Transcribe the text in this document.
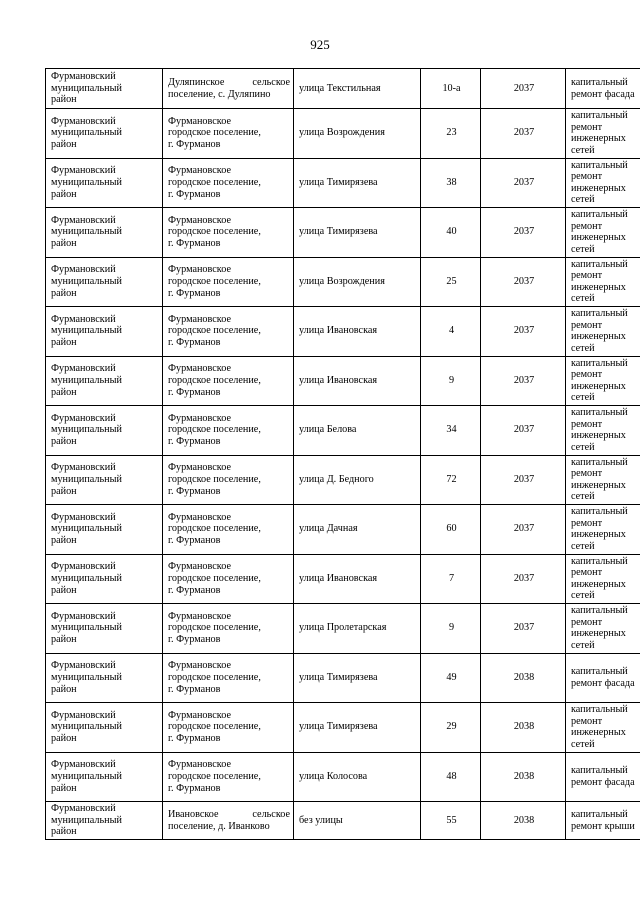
925
Фурмановский
муниципальный
район	Дуляпинское сельское
поселение, с. Дуляпино	улица Текстильная	10-а	2037	капитальный
ремонт фасада

Фурмановский
муниципальный
район	Фурмановское
городское поселение,
г. Фурманов	улица Возрождения	23	2037	капитальный
ремонт
инженерных
сетей

Фурмановский
муниципальный
район	Фурмановское
городское поселение,
г. Фурманов	улица Тимирязева	38	2037	капитальный
ремонт
инженерных
сетей

Фурмановский
муниципальный
район	Фурмановское
городское поселение,
г. Фурманов	улица Тимирязева	40	2037	капитальный
ремонт
инженерных
сетей

Фурмановский
муниципальный
район	Фурмановское
городское поселение,
г. Фурманов	улица Возрождения	25	2037	капитальный
ремонт
инженерных
сетей

Фурмановский
муниципальный
район	Фурмановское
городское поселение,
г. Фурманов	улица Ивановская	4	2037	капитальный
ремонт
инженерных
сетей

Фурмановский
муниципальный
район	Фурмановское
городское поселение,
г. Фурманов	улица Ивановская	9	2037	капитальный
ремонт
инженерных
сетей

Фурмановский
муниципальный
район	Фурмановское
городское поселение,
г. Фурманов	улица Белова	34	2037	капитальный
ремонт
инженерных
сетей

Фурмановский
муниципальный
район	Фурмановское
городское поселение,
г. Фурманов	улица Д. Бедного	72	2037	капитальный
ремонт
инженерных
сетей

Фурмановский
муниципальный
район	Фурмановское
городское поселение,
г. Фурманов	улица Дачная	60	2037	капитальный
ремонт
инженерных
сетей

Фурмановский
муниципальный
район	Фурмановское
городское поселение,
г. Фурманов	улица Ивановская	7	2037	капитальный
ремонт
инженерных
сетей

Фурмановский
муниципальный
район	Фурмановское
городское поселение,
г. Фурманов	улица Пролетарская	9	2037	капитальный
ремонт
инженерных
сетей

Фурмановский
муниципальный
район	Фурмановское
городское поселение,
г. Фурманов	улица Тимирязева	49	2038	капитальный
ремонт фасада

Фурмановский
муниципальный
район	Фурмановское
городское поселение,
г. Фурманов	улица Тимирязева	29	2038	капитальный
ремонт
инженерных
сетей

Фурмановский
муниципальный
район	Фурмановское
городское поселение,
г. Фурманов	улица Колосова	48	2038	капитальный
ремонт фасада

Фурмановский
муниципальный
район	Ивановское сельское
поселение, д. Иванково	без улицы	55	2038	капитальный
ремонт крыши
